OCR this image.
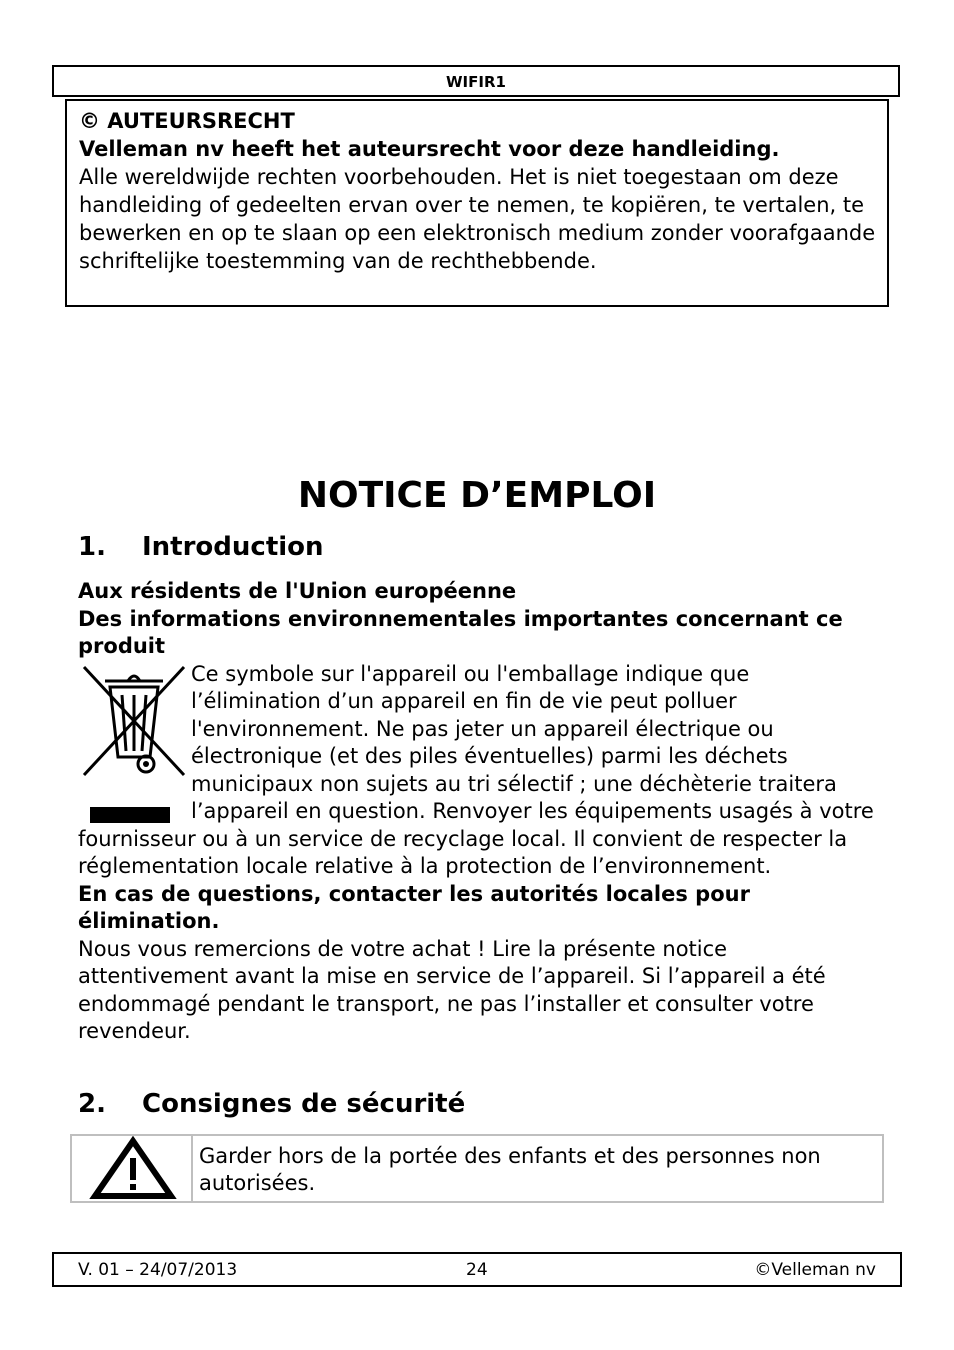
WIFIR1
© AUTEURSRECHT
Velleman nv heeft het auteursrecht voor deze handleiding.
Alle wereldwijde rechten voorbehouden. Het is niet toegestaan om deze handleiding of gedeelten ervan over te nemen, te kopiëren, te vertalen, te bewerken en op te slaan op een elektronisch medium zonder voorafgaande schriftelijke toestemming van de rechthebbende.
NOTICE D’EMPLOI
1. Introduction
Aux résidents de l'Union européenne
Des informations environnementales importantes concernant ce produit
Ce symbole sur l'appareil ou l'emballage indique que l’élimination d’un appareil en fin de vie peut polluer l'environnement. Ne pas jeter un appareil électrique ou électronique (et des piles éventuelles) parmi les déchets municipaux non sujets au tri sélectif ; une déchèterie traitera l’appareil en question. Renvoyer les équipements usagés à votre fournisseur ou à un service de recyclage local. Il convient de respecter la réglementation locale relative à la protection de l’environnement.
En cas de questions, contacter les autorités locales pour élimination.
Nous vous remercions de votre achat ! Lire la présente notice attentivement avant la mise en service de l’appareil. Si l’appareil a été endommagé pendant le transport, ne pas l’installer et consulter votre revendeur.
2. Consignes de sécurité
Garder hors de la portée des enfants et des personnes non autorisées.
V. 01 – 24/07/2013	24	©Velleman nv
